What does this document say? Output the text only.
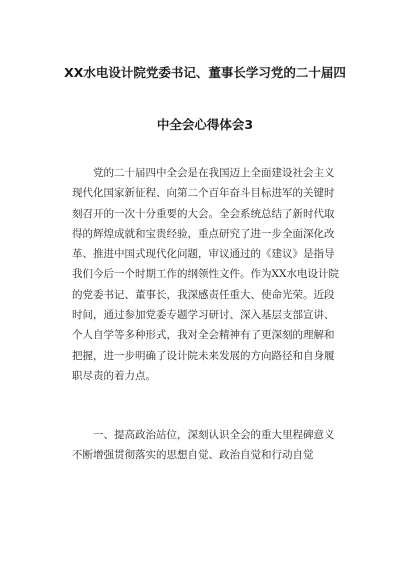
XX水电设计院党委书记、董事长学习党的二十届四
中全会心得体会3
党的二十届四中全会是在我国迈上全面建设社会主义
现代化国家新征程、向第二个百年奋斗目标进军的关键时
刻召开的一次十分重要的大会。全会系统总结了新时代取
得的辉煌成就和宝贵经验，重点研究了进一步全面深化改
革、推进中国式现代化问题，审议通过的《建议》是指导
我们今后一个时期工作的纲领性文件。作为XX水电设计院
的党委书记、董事长，我深感责任重大、使命光荣。近段
时间，通过参加党委专题学习研讨、深入基层支部宣讲、
个人自学等多种形式，我对全会精神有了更深刻的理解和
把握，进一步明确了设计院未来发展的方向路径和自身履
职尽责的着力点。
一、提高政治站位，深刻认识全会的重大里程碑意义
不断增强贯彻落实的思想自觉、政治自觉和行动自觉
